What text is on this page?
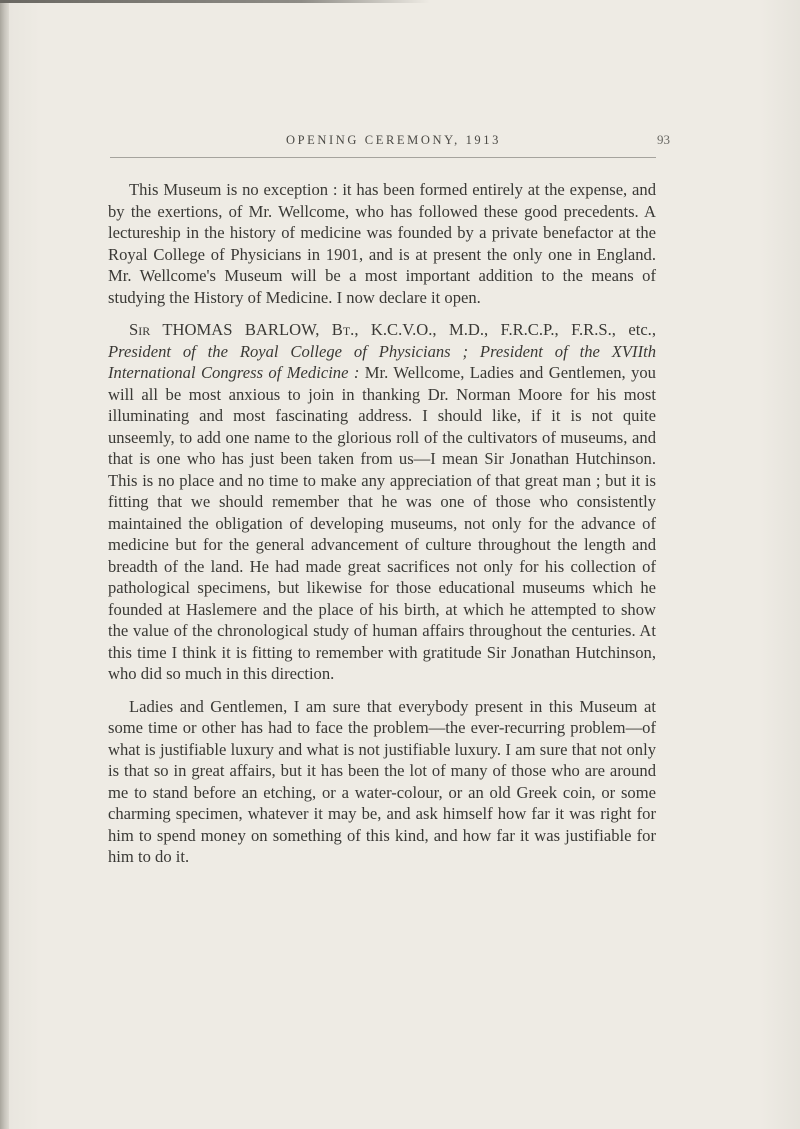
OPENING CEREMONY, 1913	93

This Museum is no exception : it has been formed entirely at the expense, and by the exertions, of Mr. Wellcome, who has followed these good precedents. A lectureship in the history of medicine was founded by a private benefactor at the Royal College of Physicians in 1901, and is at present the only one in England. Mr. Wellcome's Museum will be a most important addition to the means of studying the History of Medicine. I now declare it open.

Sir THOMAS BARLOW, Bt., K.C.V.O., M.D., F.R.C.P., F.R.S., etc., President of the Royal College of Physicians ; President of the XVIIth International Congress of Medicine : Mr. Wellcome, Ladies and Gentlemen, you will all be most anxious to join in thanking Dr. Norman Moore for his most illuminating and most fascinating address. I should like, if it is not quite unseemly, to add one name to the glorious roll of the cultivators of museums, and that is one who has just been taken from us—I mean Sir Jonathan Hutchinson. This is no place and no time to make any appreciation of that great man ; but it is fitting that we should remember that he was one of those who consistently maintained the obligation of developing museums, not only for the advance of medicine but for the general advancement of culture throughout the length and breadth of the land. He had made great sacrifices not only for his collection of pathological specimens, but likewise for those educational museums which he founded at Haslemere and the place of his birth, at which he attempted to show the value of the chronological study of human affairs throughout the centuries. At this time I think it is fitting to remember with gratitude Sir Jonathan Hutchinson, who did so much in this direction.

Ladies and Gentlemen, I am sure that everybody present in this Museum at some time or other has had to face the problem—the ever-recurring problem—of what is justifiable luxury and what is not justifiable luxury. I am sure that not only is that so in great affairs, but it has been the lot of many of those who are around me to stand before an etching, or a water-colour, or an old Greek coin, or some charming specimen, whatever it may be, and ask himself how far it was right for him to spend money on something of this kind, and how far it was justifiable for him to do it.
